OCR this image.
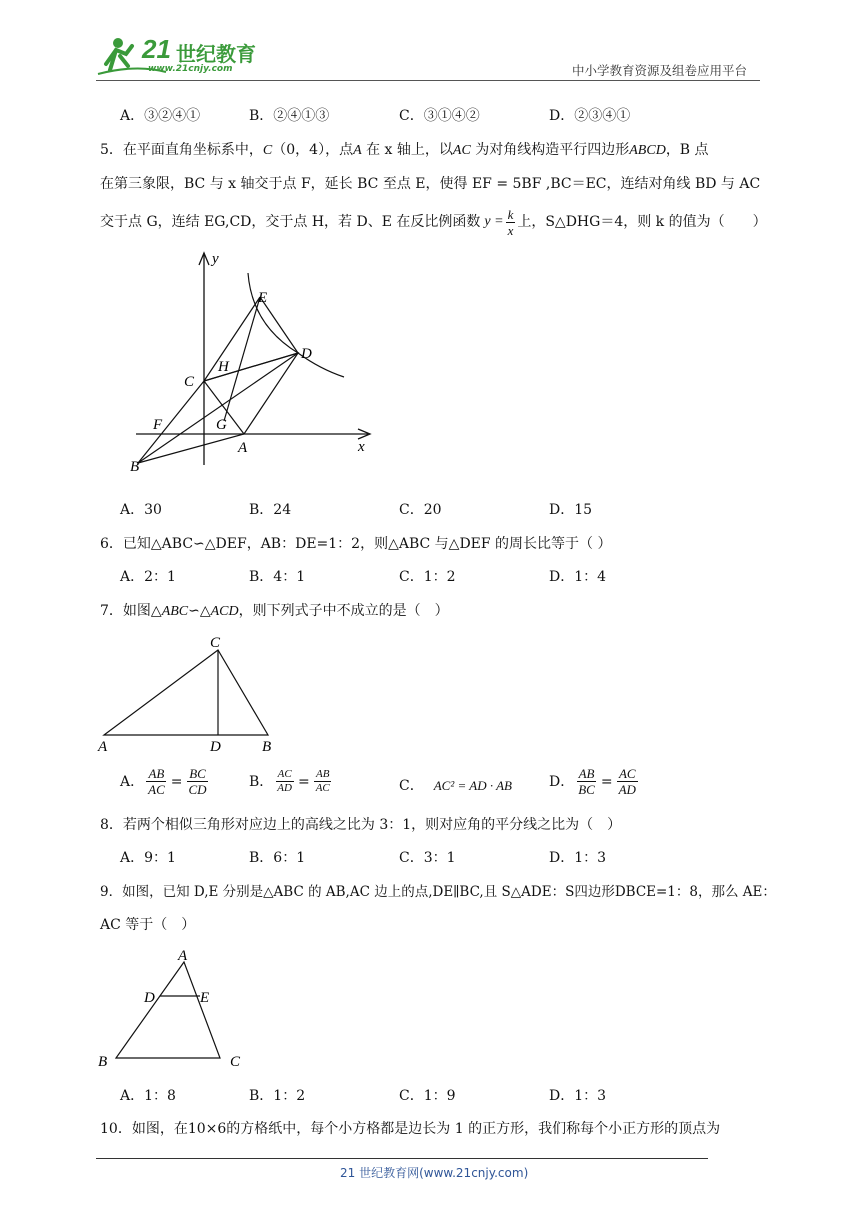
21 世纪教育
www.21cnjy.com	中小学教育资源及组卷应用平台
A．③②④①	B．②④①③	C．③①④②	D．②③④①
5．在平面直角坐标系中，C（0，4），点A 在 x 轴上，以AC 为对角线构造平行四边形ABCD，B 点
在第三象限，BC 与 x 轴交于点 F，延长 BC 至点 E，使得 EF = 5BF ,BC＝EC，连结对角线 BD 与 AC
交于点 G，连结 EG,CD，交于点 H，若 D、E 在反比例函数 $y = \frac{k}{x}$ 上，S△DHG＝4，则 k 的值为（　　）
y
x
E
D
H
C
G
F
A
B
A．30	B．24	C．20	D．15
6．已知△ABC∽△DEF，AB：DE=1：2，则△ABC 与△DEF 的周长比等于（ ）
A．2：1	B．4：1	C．1：2	D．1：4
7．如图△ABC∽△ACD，则下列式子中不成立的是（　）
C
A	D	B
A． $\frac{AB}{AC} = \frac{BC}{CD}$	B． $\frac{AC}{AD} = \frac{AB}{AC}$	C． AC² = AD · AB	D． $\frac{AB}{BC} = \frac{AC}{AD}$
8．若两个相似三角形对应边上的高线之比为 3：1，则对应角的平分线之比为（　）
A．9：1	B．6：1	C．3：1	D．1：3
9．如图，已知 D,E 分别是△ABC 的 AB,AC 边上的点,DE∥BC,且 S△ADE：S四边形DBCE=1：8，那么 AE：
AC 等于（　）
A
D	E
B	C
A．1：8	B．1：2	C．1：9	D．1：3
10．如图，在10×6的方格纸中，每个小方格都是边长为 1 的正方形，我们称每个小正方形的顶点为
21 世纪教育网(www.21cnjy.com)
